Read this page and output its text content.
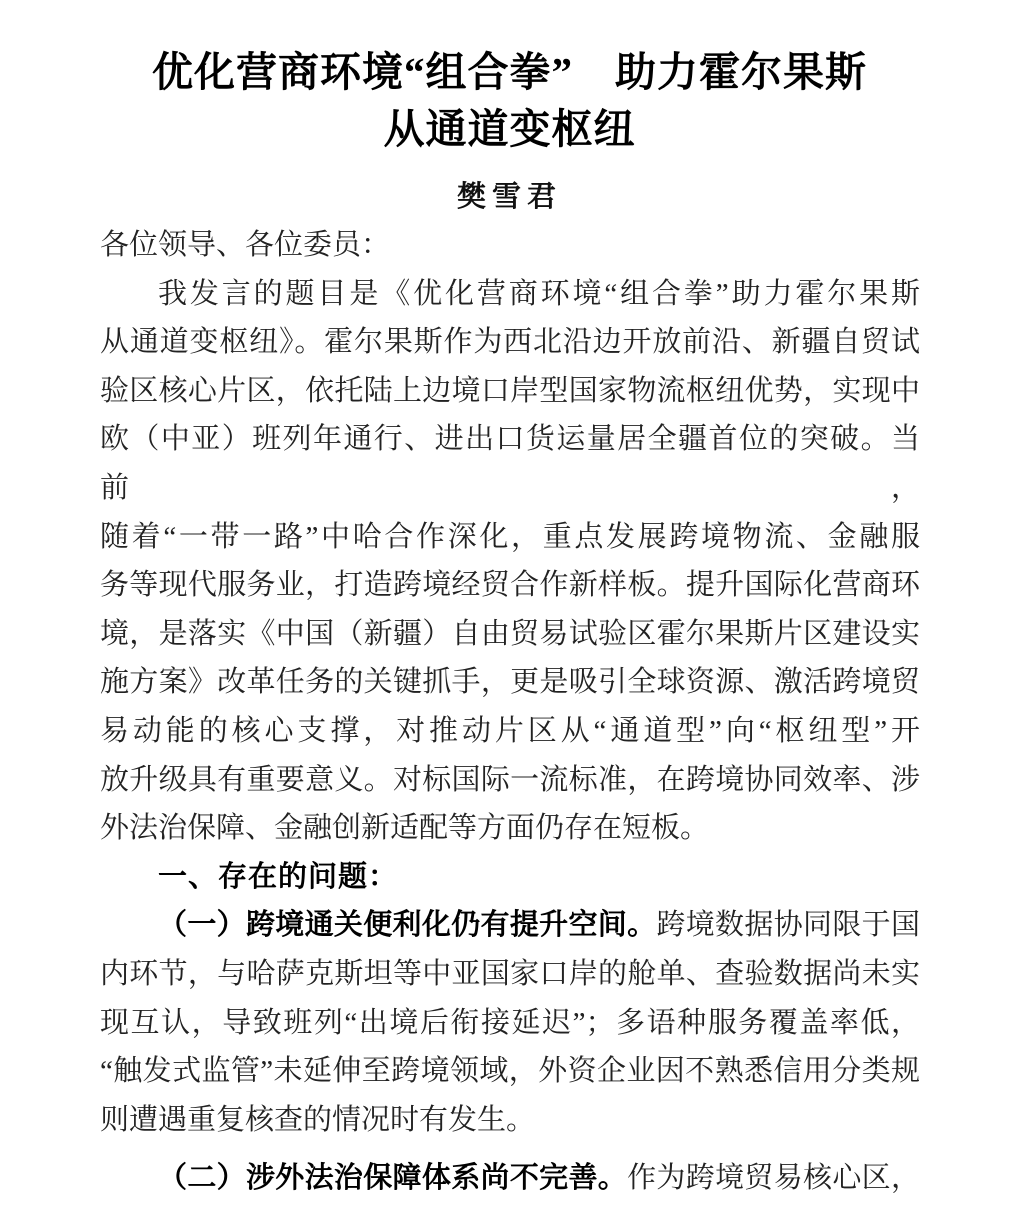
优化营商环境“组合拳”　助力霍尔果斯
从通道变枢纽
樊雪君
各位领导、各位委员：
我发言的题目是《优化营商环境“组合拳”助力霍尔果斯
从通道变枢纽》。霍尔果斯作为西北沿边开放前沿、新疆自贸试
验区核心片区，依托陆上边境口岸型国家物流枢纽优势，实现中
欧（中亚）班列年通行、进出口货运量居全疆首位的突破。当前，
随着“一带一路”中哈合作深化，重点发展跨境物流、金融服
务等现代服务业，打造跨境经贸合作新样板。提升国际化营商环
境，是落实《中国（新疆）自由贸易试验区霍尔果斯片区建设实
施方案》改革任务的关键抓手，更是吸引全球资源、激活跨境贸
易动能的核心支撑，对推动片区从“通道型”向“枢纽型”开
放升级具有重要意义。对标国际一流标准，在跨境协同效率、涉
外法治保障、金融创新适配等方面仍存在短板。
一、存在的问题：
（一）跨境通关便利化仍有提升空间。跨境数据协同限于国
内环节，与哈萨克斯坦等中亚国家口岸的舱单、查验数据尚未实
现互认，导致班列“出境后衔接延迟”；多语种服务覆盖率低，
“触发式监管”未延伸至跨境领域，外资企业因不熟悉信用分类规
则遭遇重复核查的情况时有发生。
（二）涉外法治保障体系尚不完善。作为跨境贸易核心区，
